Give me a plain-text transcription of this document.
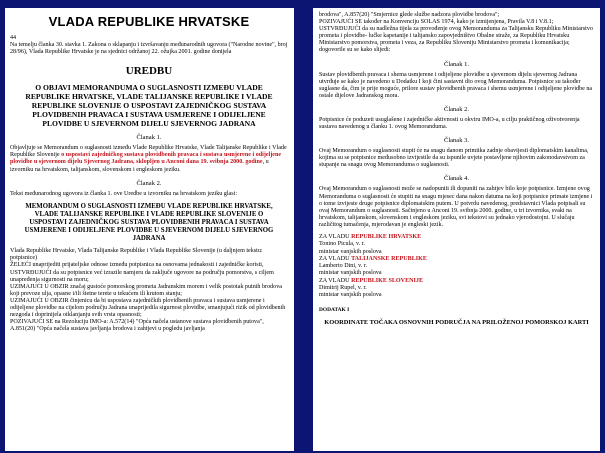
VLADA REPUBLIKE HRVATSKE

44

Na temelju članka 30. stavka 1. Zakona o sklapanju i izvršavanju međunarodnih ugovora ("Narodne novine", broj 28/96), Vlada Republike Hrvatske je na sjednici održanoj 22. ožujka 2001. godine donijela

UREDBU
O OBJAVI MEMORANDUMA O SUGLASNOSTI IZMEĐU VLADE REPUBLIKE HRVATSKE, VLADE TALIJANSKE REPUBLIKE I VLADE REPUBLIKE SLOVENIJE O USPOSTAVI ZAJEDNIČKOG SUSTAVA PLOVIDBENIH PRAVACA I SUSTAVA USMJERENE I ODIJELJENE PLOVIDBE U SJEVERNOM DIJELU SJEVERNOG JADRANA
Članak 1.

Objavljuje se Memorandum o suglasnosti između Vlade Republike Hrvatske, Vlade Talijanske Republike i Vlade Republike Slovenije o uspostavi zajedničkog sustava plovidbenih pravaca i sustava usmjerene i odijeljene plovidbe u sjevernom dijelu Sjevernog Jadrana, sklopljen u Anconi dana 19. svibnja 2000. godine, u izvorniku na hrvatskom, talijanskom, slovenskom i engleskom jeziku.

Članak 2.

Tekst međunarodnog ugovora iz članka 1. ove Uredbe u izvorniku na hrvatskom jeziku glasi:

MEMORANDUM O SUGLASNOSTI IZMEĐU VLADE REPUBLIKE HRVATSKE, VLADE TALIJANSKE REPUBLIKE I VLADE REPUBLIKE SLOVENIJE O USPOSTAVI ZAJEDNIČKOG SUSTAVA PLOVIDBENIH PRAVACA I SUSTAVA USMJERENE I ODIJELJENE PLOVIDBE U SJEVERNOM DIJELU SJEVERNOG JADRANA

Vlada Republike Hrvatske, Vlada Talijanske Republike i Vlada Republike Slovenije (u daljnjem tekstu: potpisnice)

ŽELEĆI unaprijediti prijateljske odnose između potpisnica na osnovama jednakosti i zajedničke koristi,

USTVRĐUJUĆI da su potpisnice već izrazile namjeru da zaključe ugovore na području pomorstva, s ciljem unapređenja sigurnosti na moru;

UZIMAJUĆI U OBZIR značaj gustoće pomorskog prometa Jadranskim morem i velik postotak putnih brodova koji prevoze ulja, opasne i/ili štetne terete u tekućem ili krutom stanju;

UZIMAJUĆI U OBZIR činjenicu da bi uspostava zajedničkih plovidbenih pravaca i sustava usmjerene i odijeljene plovidbe na cijelom području Jadrana unaprijedila sigurnost plovidbe, smanjujući rizik od plovidbenih nezgoda i doprinijela otklanjanju svih vrsta opasnosti;

POZIVAJUĆI SE na Rezoluciju IMO-a: A.572(14) "Opća načela ustanove sustava plovidbenih putova", A.851(20) "Opća načela sustava javljanja brodova i zahtjevi u pogledu javljanja

brodova", A.857(20) "Smjernice glede službe nadzora plovidbe brodova";

POZIVAJUĆI SE također na Konvenciju SOLAS 1974, kako je izmijenjena, Pravila V.8 i V.8.1;

USTVRĐUJUĆI da su nadležna tijela za provođenje ovog Memoranduma za Talijansku Republiku Ministarstvo prometa i plovidbe- lučke kapetanije i talijansko zapovjedništvo Obalne straže, za Republiku Hrvatsku Ministarstvo pomorstva, prometa i veza, za Republiku Sloveniju Ministarstvo prometa i komunikacija;

dogovorile su se kako slijedi:

Članak 1.

Sustav plovidbenih pravaca i shema usmjerene i odijeljene plovidbe u sjevernom dijelu sjevernog Jadrana utvrđuje se kako je navedeno u Dodatku I koji čini sastavni dio ovog Memoranduma. Potpisnice su također suglasne da, čim je prije moguće, prilore sustav plovidbenih pravaca i shemu usmjerene i odijeljene plovidbe na ostale dijelove Jadranskog mora.

Članak 2.

Potpisnice će poduzeti usuglašene i zajedničke aktivnosti u okviru IMO-a, u cilju praktičnog oživotvorenja sustava navedenog u članku 1. ovog Memoranduma.

Članak 3.

Ovaj Memorandum o suglasnosti stupit će na snagu danom primitka zadnje obavijesti diplomatskim kanalima, kojima su se potpisnice međusobno izvijestile da su ispunile uvjete postavljene njihovim zakonodavstvom za stupanje na snagu ovog Memoranduma o suglasnosti.

Članak 4.

Ovaj Memorandum o suglasnosti može se nadopuniti ili dopuniti na zahtjev bilo koje potpisnice. Izmjene ovog Memoranduma o suglasnosti će stupiti na snagu mjesec dana nakon datuma na koji potpisnice primate izmjene i o tome izvijeste druge potpisnice diplomatskim putem. U potvrdu navedenog, predstavnici Vlada potpisali su ovaj Memorandum o suglasnosti. Sačinjeno u Anconi 19. svibnja 2000. godine, u tri izvornika, svaki na hrvatskom, talijanskom, slovenskom i engleskom jeziku, svi tekstovi su jednako vjerodostojni. U slučaju različitog tumačenja, mjerodavan je engleski jezik.

ZA VLADU REPUBLIKE HRVATSKE

Tonino Picula, v. r.

ministar vanjskih poslova

ZA VLADU TALIJANSKE REPUBLIKE

Lamberto Dini, v. r.

ministar vanjskih poslova

ZA VLADU REPUBLIKE SLOVENIJE

Dimitrij Rupel, v. r.

ministar vanjskih poslova

DODATAK I
KOORDINATE TOČAKA OSNOVNIH PODRUČJA NA PRILOŽENOJ POMORSKOJ KARTI
